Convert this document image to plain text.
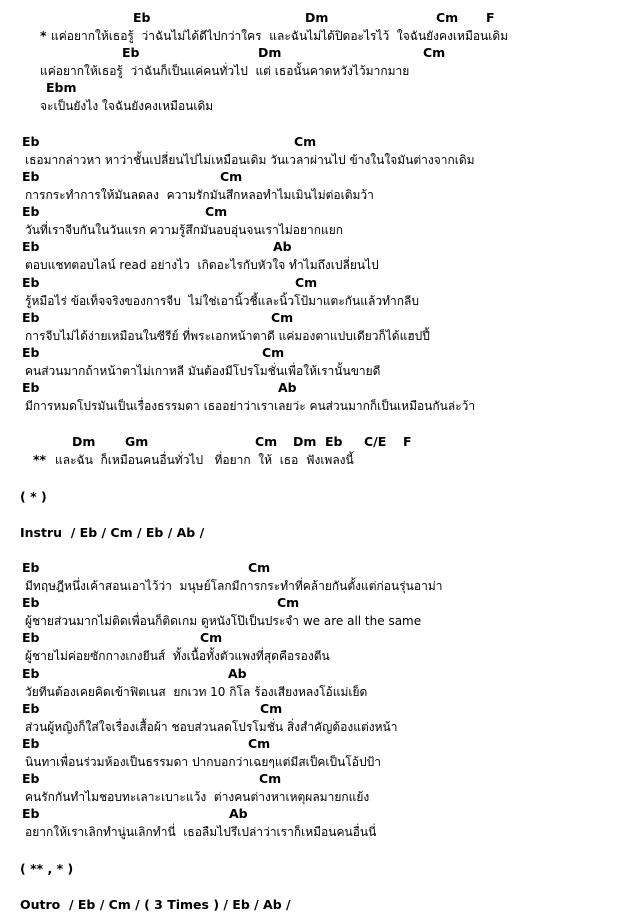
Eb	Dm	Cm F
* แค่อยากให้เธอรู้  ว่าฉันไม่ได้ดีไปกว่าใคร  และฉันไม่ได้ปิดอะไรไว้  ใจฉันยังคงเหมือนเดิม
Eb	Dm	Cm
แค่อยากให้เธอรู้  ว่าฉันก็เป็นแค่คนทั่วไป  แต่ เธอนั้นคาดหวังไว้มากมาย
Ebm
จะเป็นยังไง ใจฉันยังคงเหมือนเดิม
Eb	Cm
เธอมากล่าวหา หาว่าชั้นเปลี่ยนไปไม่เหมือนเดิม วันเวลาผ่านไป ข้างในใจมันต่างจากเดิม
Eb	Cm
การกระทำการให้มันลดลง  ความรักมันสึกหลอทำไมเมินไม่ต่อเติมว้า
Eb	Cm
วันที่เราจีบกันในวันแรก ความรู้สึกมันอบอุ่นจนเราไม่อยากแยก
Eb	Ab
ตอบแชทตอบไลน์ read อย่างไว  เกิดอะไรกับหัวใจ ทำไมถึงเปลี่ยนไป
Eb	Cm
รู้หมือไร่ ข้อเท็จจริงของการจีบ  ไม่ใช่เอานิ้วชี้และนิ้วโป้มาแตะกันแล้วทำกลีบ
Eb	Cm
การจีบไม่ได้ง่ายเหมือนในซีรีย์ ที่พระเอกหน้าตาดี แค่มองตาแปบเดียวก็ได้แฮปปี้
Eb	Cm
คนส่วนมากถ้าหน้าตาไม่เกาหลี มันต้องมีโปรโมชั่นเพื่อให้เรานั้นขายดี
Eb	Ab
มีการหมดโปรมันเป็นเรื่องธรรมดา เธออย่าว่าเราเลยว่ะ คนส่วนมากก็เป็นเหมือนกันล่ะว้า
Dm Gm	Cm Dm Eb C/E F
** และฉัน  ก็เหมือนคนอื่นทั่วไป   ที่อยาก  ให้  เธอ  ฟังเพลงนี้
( * )
Instru  / Eb / Cm / Eb / Ab /
Eb	Cm
มีทฤษฎีหนึ่งเค้าสอนเอาไว้ว่า  มนุษย์โลกมีการกระทำที่คล้ายกันตั้งแต่ก่อนรุ่นอาม่า
Eb	Cm
ผู้ชายส่วนมากไม่ติดเพื่อนก็ติดเกม ดูหนังโป๊เป็นประจำ we are all the same
Eb	Cm
ผู้ชายไม่ค่อยซักกางเกงยีนส์  ทั้งเนื้อทั้งตัวแพงที่สุดคือรองตีน
Eb	Ab
วัยทีนต้องเคยคิดเข้าฟิตเนส  ยกเวท 10 กิโล ร้องเสียงหลงโอ้แม่เย็ด
Eb	Cm
ส่วนผู้หญิงก็ใส่ใจเรื่องเสื้อผ้า ชอบส่วนลดโปรโมชั่น สิ่งสำคัญต้องแต่งหน้า
Eb	Cm
นินทาเพื่อนร่วมห้องเป็นธรรมดา ปากบอกว่าเฉยๆแต่มีสเป็คเป็นโอ้ปป้า
Eb	Cm
คนรักกันทำไมชอบทะเลาะเบาะแว้ง  ต่างคนต่างหาเหตุผลมายกแย้ง
Eb	Ab
อยากให้เราเลิกทำนู่นเลิกทำนี่  เธอลืมไปรึเปล่าว่าเราก็เหมือนคนอื่นนี่
( ** , * )
Outro  / Eb / Cm / ( 3 Times ) / Eb / Ab /
